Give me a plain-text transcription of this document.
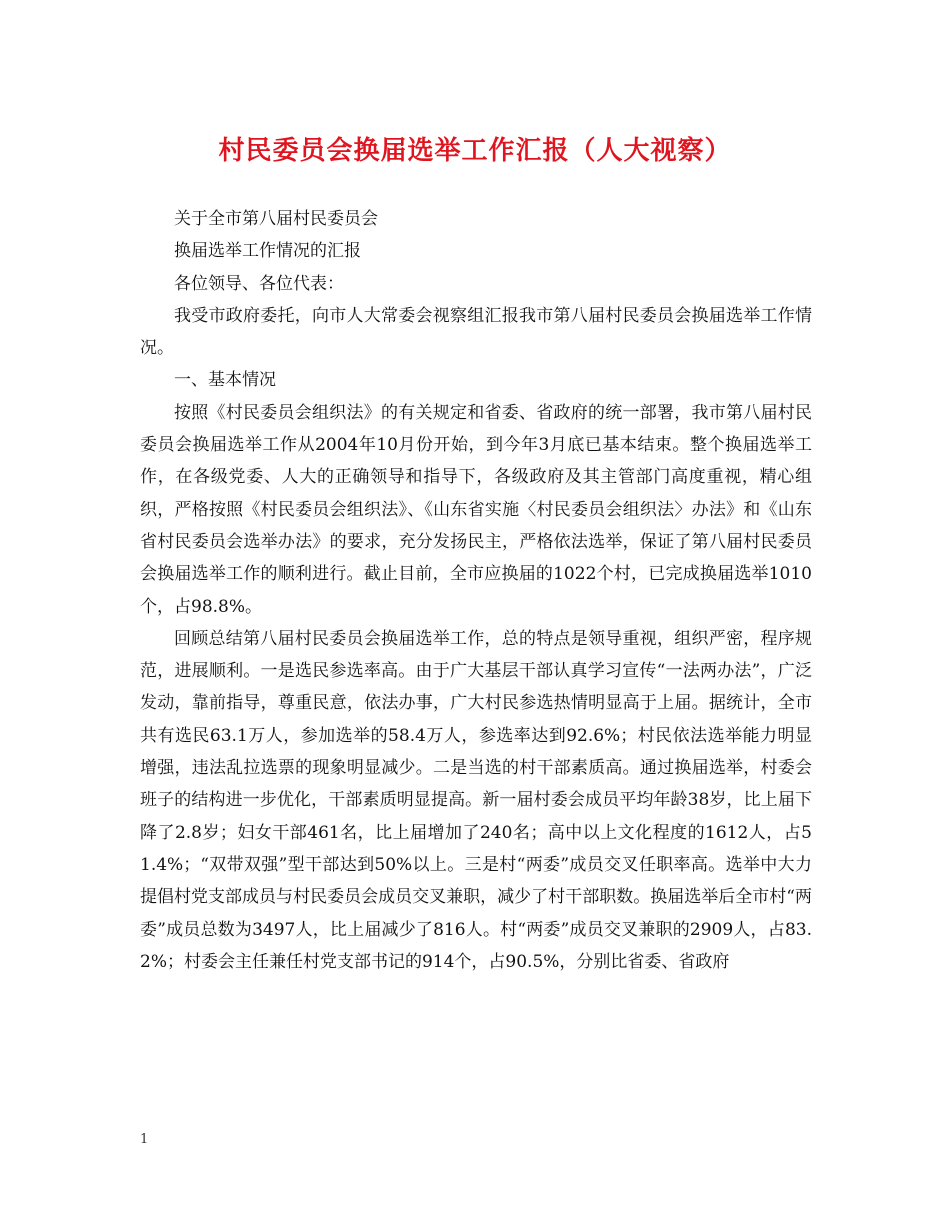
村民委员会换届选举工作汇报（人大视察）

关于全市第八届村民委员会

换届选举工作情况的汇报

各位领导、各位代表：

我受市政府委托，向市人大常委会视察组汇报我市第八届村民委员会换届选举工作情况。

一、基本情况

按照《村民委员会组织法》的有关规定和省委、省政府的统一部署，我市第八届村民委员会换届选举工作从2004年10月份开始，到今年3月底已基本结束。整个换届选举工作，在各级党委、人大的正确领导和指导下，各级政府及其主管部门高度重视，精心组织，严格按照《村民委员会组织法》、《山东省实施〈村民委员会组织法〉办法》和《山东省村民委员会选举办法》的要求，充分发扬民主，严格依法选举，保证了第八届村民委员会换届选举工作的顺利进行。截止目前，全市应换届的1022个村，已完成换届选举1010个，占98.8%。

回顾总结第八届村民委员会换届选举工作，总的特点是领导重视，组织严密，程序规范，进展顺利。一是选民参选率高。由于广大基层干部认真学习宣传“一法两办法”，广泛发动，靠前指导，尊重民意，依法办事，广大村民参选热情明显高于上届。据统计，全市共有选民63.1万人，参加选举的58.4万人，参选率达到92.6%；村民依法选举能力明显增强，违法乱拉选票的现象明显减少。二是当选的村干部素质高。通过换届选举，村委会班子的结构进一步优化，干部素质明显提高。新一届村委会成员平均年龄38岁，比上届下降了2.8岁；妇女干部461名，比上届增加了240名；高中以上文化程度的1612人，占51.4%；“双带双强”型干部达到50%以上。三是村“两委”成员交叉任职率高。选举中大力提倡村党支部成员与村民委员会成员交叉兼职，减少了村干部职数。换届选举后全市村“两委”成员总数为3497人，比上届减少了816人。村“两委”成员交叉兼职的2909人，占83.2%；村委会主任兼任村党支部书记的914个，占90.5%，分别比省委、省政府

1
